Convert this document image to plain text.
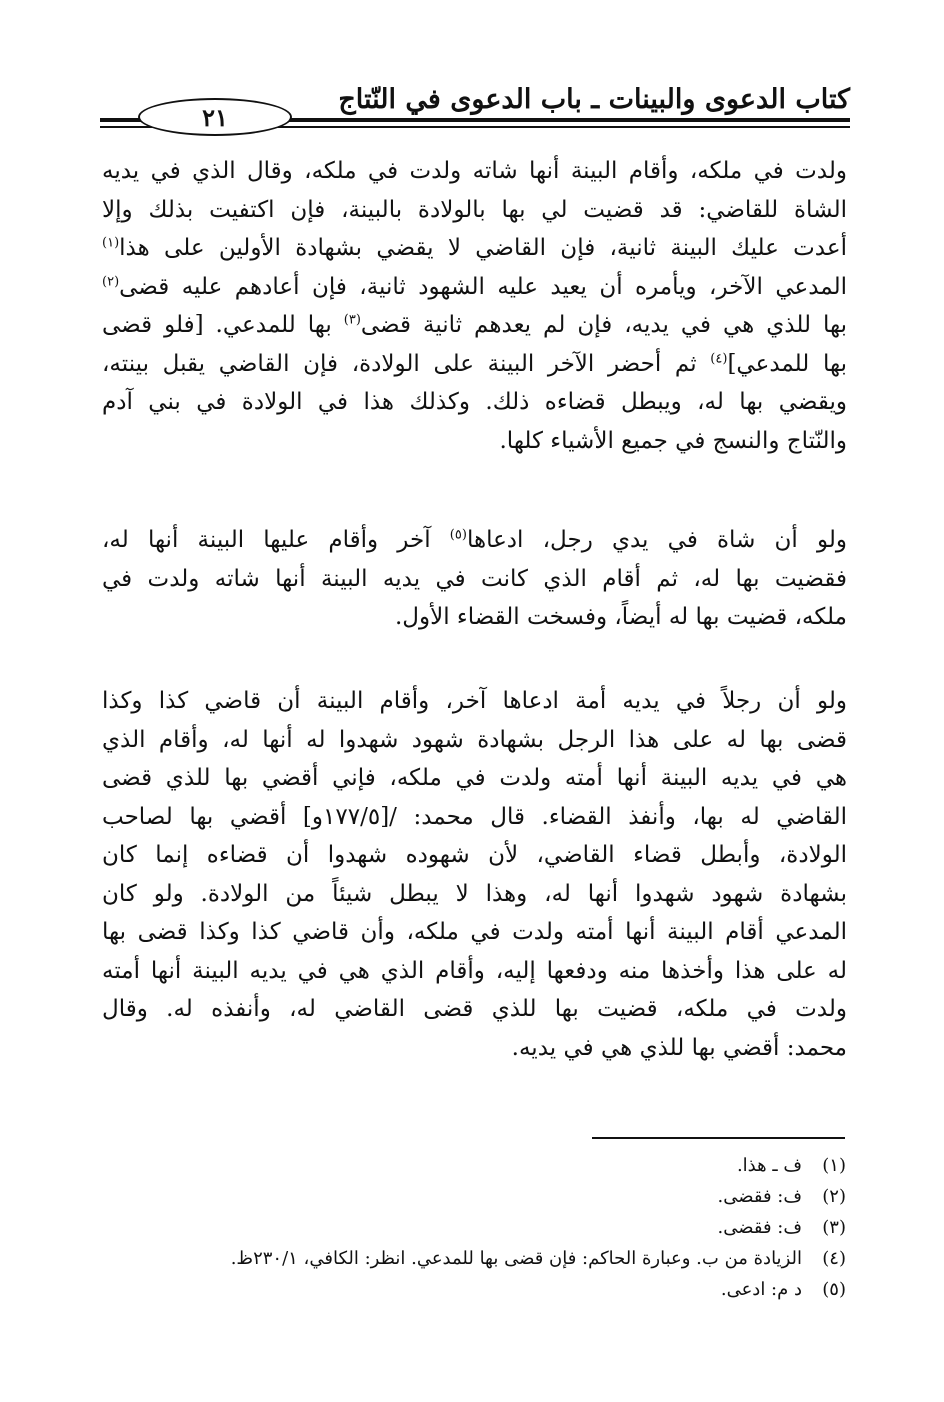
كتاب الدعوى والبينات ـ باب الدعوى في النّتاج
٢١

ولدت في ملكه، وأقام البينة أنها شاته ولدت في ملكه، وقال الذي في يديه

الشاة للقاضي: قد قضيت لي بها بالولادة بالبينة، فإن اكتفيت بذلك وإلا

أعدت عليك البينة ثانية، فإن القاضي لا يقضي بشهادة الأولين على هذا$^{(١)}$

المدعي الآخر، ويأمره أن يعيد عليه الشهود ثانية، فإن أعادهم عليه قضى$^{(٢)}$

بها للذي هي في يديه، فإن لم يعدهم ثانية قضى$^{(٣)}$ بها للمدعي. [فلو قضى

بها للمدعي]$^{(٤)}$ ثم أحضر الآخر البينة على الولادة، فإن القاضي يقبل بينته،

ويقضي بها له، ويبطل قضاءه ذلك. وكذلك هذا في الولادة في بني آدم

والنّتاج والنسج في جميع الأشياء كلها.

ولو أن شاة في يدي رجل، ادعاها$^{(٥)}$ آخر وأقام عليها البينة أنها له،

فقضيت بها له، ثم أقام الذي كانت في يديه البينة أنها شاته ولدت في

ملكه، قضيت بها له أيضاً، وفسخت القضاء الأول.

ولو أن رجلاً في يديه أمة ادعاها آخر، وأقام البينة أن قاضي كذا وكذا

قضى بها له على هذا الرجل بشهادة شهود شهدوا له أنها له، وأقام الذي

هي في يديه البينة أنها أمته ولدت في ملكه، فإني أقضي بها للذي قضى

القاضي له بها، وأنفذ القضاء. قال محمد: /[١٧٧/٥و] أقضي بها لصاحب

الولادة، وأبطل قضاء القاضي، لأن شهوده شهدوا أن قضاءه إنما كان

بشهادة شهود شهدوا أنها له، وهذا لا يبطل شيئاً من الولادة. ولو كان

المدعي أقام البينة أنها أمته ولدت في ملكه، وأن قاضي كذا وكذا قضى بها

له على هذا وأخذها منه ودفعها إليه، وأقام الذي هي في يديه البينة أنها أمته

ولدت في ملكه، قضيت بها للذي قضى القاضي له، وأنفذه له. وقال

محمد: أقضي بها للذي هي في يديه.

(١)
ف ـ هذا.
(٢)
ف: فقضى.
(٣)
ف: فقضى.
(٤)
الزيادة من ب. وعبارة الحاكم: فإن قضى بها للمدعي. انظر: الكافي، ٢٣٠/١ظ.
(٥)
د م: ادعى.
